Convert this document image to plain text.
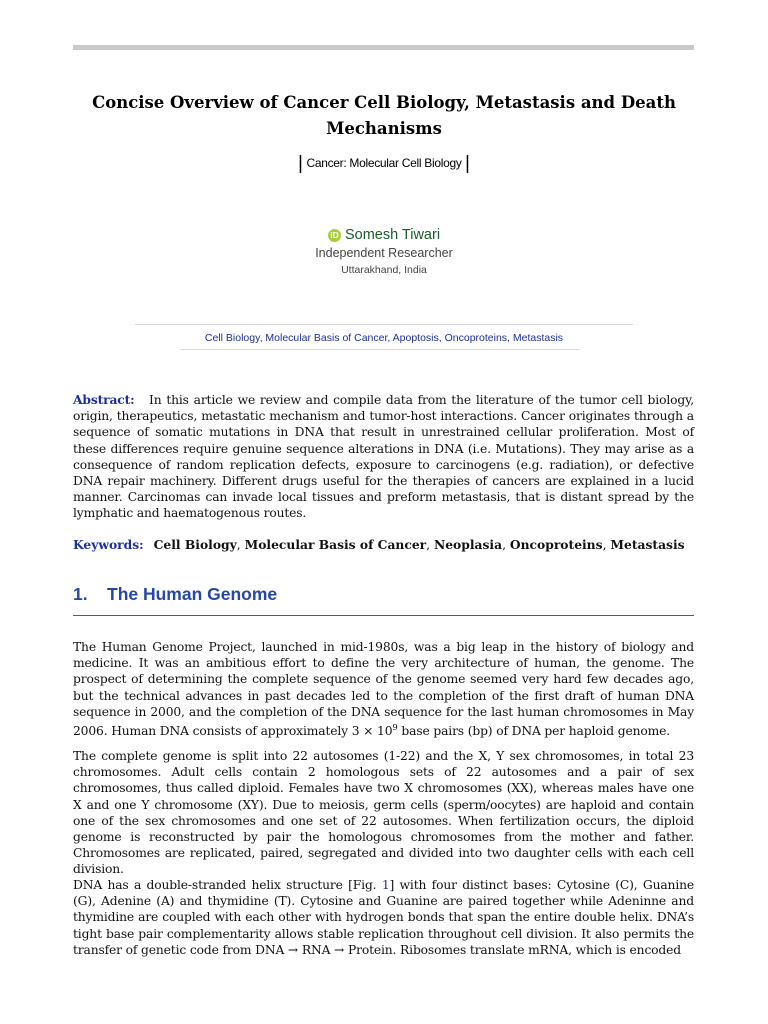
Concise Overview of Cancer Cell Biology, Metastasis and Death Mechanisms
| Cancer: Molecular Cell Biology |
iD Somesh Tiwari
Independent Researcher
Uttarakhand, India
Cell Biology, Molecular Basis of Cancer, Apoptosis, Oncoproteins, Metastasis
Abstract: In this article we review and compile data from the literature of the tumor cell biology, origin, therapeutics, metastatic mechanism and tumor-host interactions. Cancer originates through a sequence of somatic mutations in DNA that result in unrestrained cellular proliferation. Most of these differences require genuine sequence alterations in DNA (i.e. Mutations). They may arise as a consequence of random replication defects, exposure to carcinogens (e.g. radiation), or defective DNA repair machinery. Different drugs useful for the therapies of cancers are explained in a lucid manner. Carcinomas can invade local tissues and preform metastasis, that is distant spread by the lymphatic and haematogenous routes.
Keywords: Cell Biology, Molecular Basis of Cancer, Neoplasia, Oncoproteins, Metastasis
1. The Human Genome
The Human Genome Project, launched in mid-1980s, was a big leap in the history of biology and medicine. It was an ambitious effort to define the very architecture of human, the genome. The prospect of determining the complete sequence of the genome seemed very hard few decades ago, but the technical advances in past decades led to the completion of the first draft of human DNA sequence in 2000, and the completion of the DNA sequence for the last human chromosomes in May 2006. Human DNA consists of approximately $3 \times 10^9$ base pairs (bp) of DNA per haploid genome.
The complete genome is split into 22 autosomes (1-22) and the X, Y sex chromosomes, in total 23 chromosomes. Adult cells contain 2 homologous sets of 22 autosomes and a pair of sex chromosomes, thus called diploid. Females have two X chromosomes (XX), whereas males have one X and one Y chromosome (XY). Due to meiosis, germ cells (sperm/oocytes) are haploid and contain one of the sex chromosomes and one set of 22 autosomes. When fertilization occurs, the diploid genome is reconstructed by pair the homologous chromosomes from the mother and father. Chromosomes are replicated, paired, segregated and divided into two daughter cells with each cell division.
DNA has a double-stranded helix structure [Fig. 1] with four distinct bases: Cytosine (C), Guanine (G), Adenine (A) and thymidine (T). Cytosine and Guanine are paired together while Adeninne and thymidine are coupled with each other with hydrogen bonds that span the entire double helix. DNA’s tight base pair complementarity allows stable replication throughout cell division. It also permits the transfer of genetic code from DNA → RNA → Protein. Ribosomes translate mRNA, which is encoded
